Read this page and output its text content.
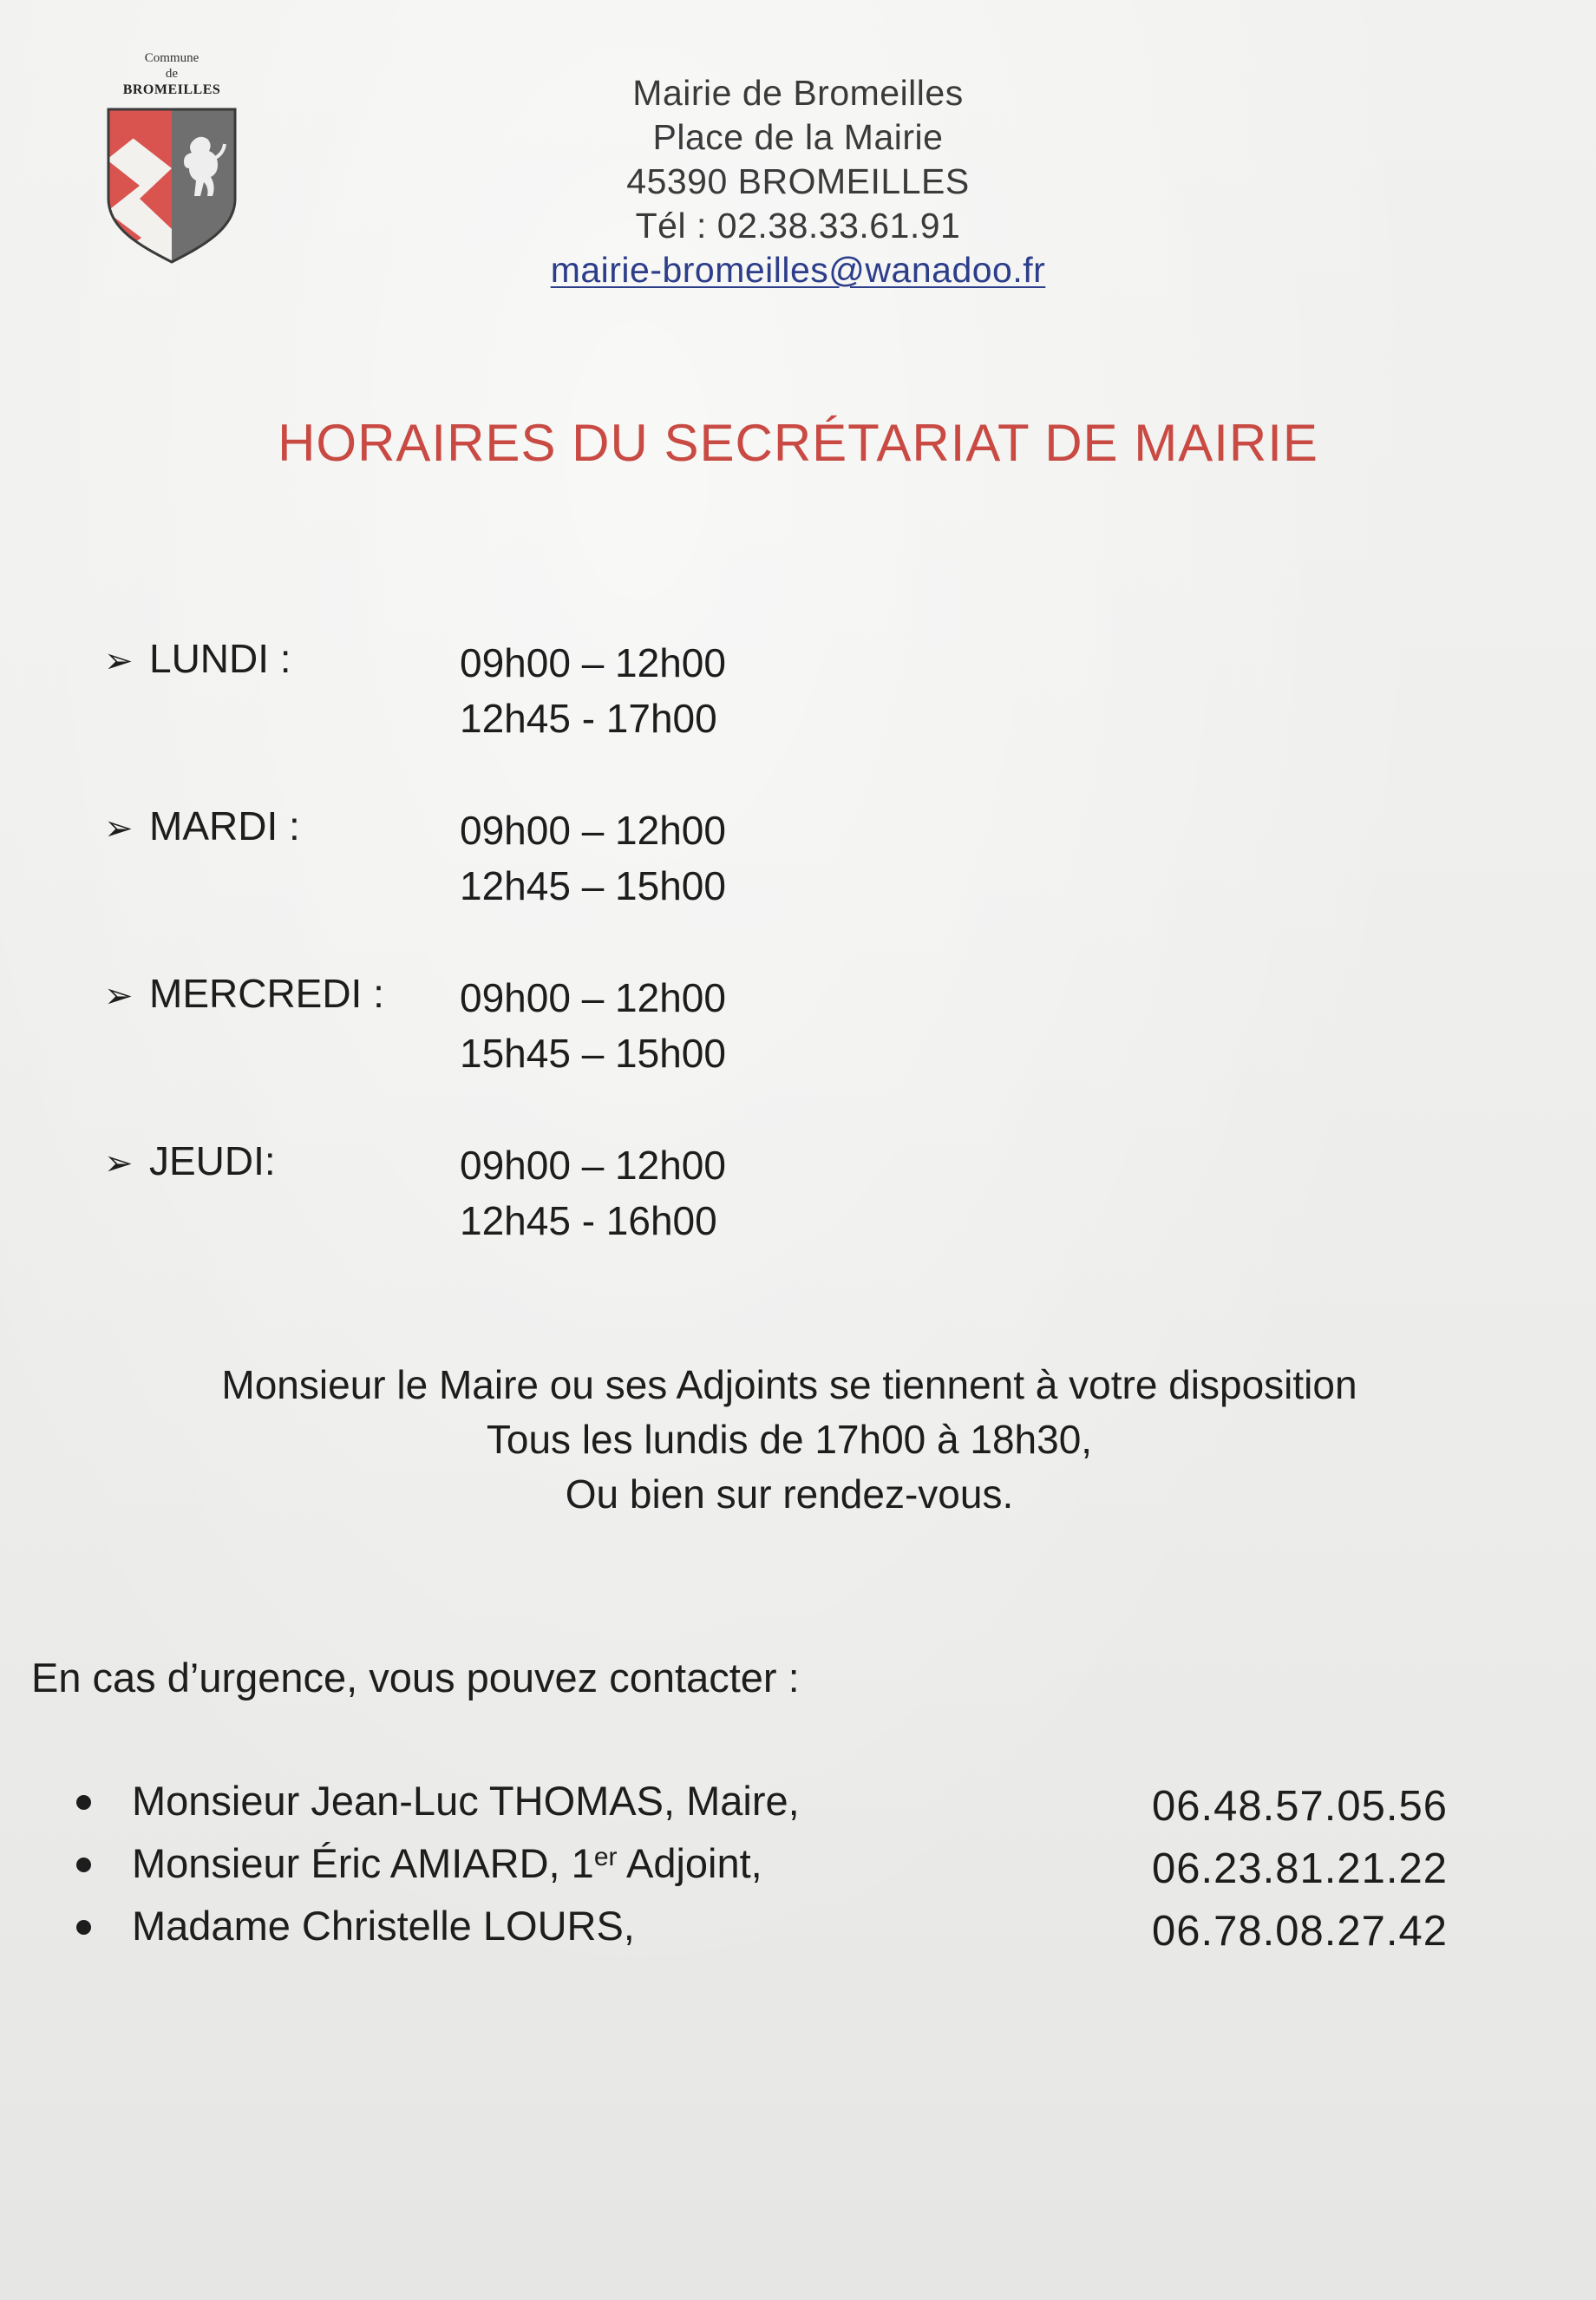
Commune
de
BROMEILLES	Mairie de Bromeilles
Place de la Mairie
45390 BROMEILLES
Tél : 02.38.33.61.91
mairie-bromeilles@wanadoo.fr
HORAIRES DU SECRÉTARIAT DE MAIRIE
➢ LUNDI :	09h00 – 12h00
12h45 - 17h00
➢ MARDI :	09h00 – 12h00
12h45 – 15h00
➢ MERCREDI : 09h00 – 12h00
15h45 – 15h00
➢ JEUDI:	09h00 – 12h00
12h45 - 16h00
Monsieur le Maire ou ses Adjoints se tiennent à votre disposition
Tous les lundis de 17h00 à 18h30,
Ou bien sur rendez-vous.
En cas d’urgence, vous pouvez contacter :
Monsieur Jean-Luc THOMAS, Maire,	06.48.57.05.56
Monsieur Éric AMIARD, 1er Adjoint,	06.23.81.21.22
Madame Christelle LOURS,	06.78.08.27.42
